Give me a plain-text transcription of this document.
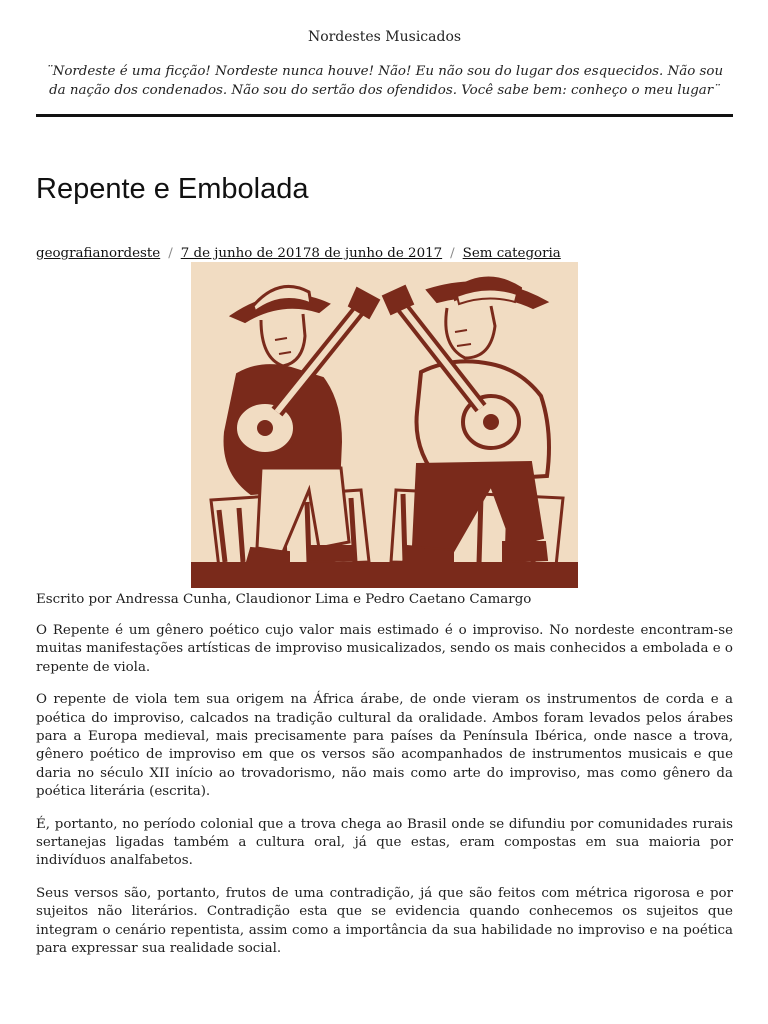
Nordestes Musicados

¨Nordeste é uma ficção! Nordeste nunca houve! Não! Eu não sou do lugar dos esquecidos. Não sou da nação dos condenados. Não sou do sertão dos ofendidos. Você sabe bem: conheço o meu lugar¨
Repente e Embolada
geografianordeste / 7 de junho de 20178 de junho de 2017 / Sem categoria
Escrito por Andressa Cunha, Claudionor Lima e Pedro Caetano Camargo

O Repente é um gênero poético cujo valor mais estimado é o improviso. No nordeste encontram-se muitas manifestações artísticas de improviso musicalizados, sendo os mais conhecidos a embolada e o repente de viola.

O repente de viola tem sua origem na África árabe, de onde vieram os instrumentos de corda e a poética do improviso, calcados na tradição cultural da oralidade. Ambos foram levados pelos árabes para a Europa medieval, mais precisamente para países da Península Ibérica, onde nasce a trova, gênero poético de improviso em que os versos são acompanhados de instrumentos musicais e que daria no século XII início ao trovadorismo, não mais como arte do improviso, mas como gênero da poética literária (escrita).

É, portanto, no período colonial que a trova chega ao Brasil onde se difundiu por comunidades rurais sertanejas ligadas também a cultura oral, já que estas, eram compostas em sua maioria por indivíduos analfabetos.

Seus versos são, portanto, frutos de uma contradição, já que são feitos com métrica rigorosa e por sujeitos não literários. Contradição esta que se evidencia quando conhecemos os sujeitos que integram o cenário repentista, assim como a importância da sua habilidade no improviso e na poética para expressar sua realidade social.
